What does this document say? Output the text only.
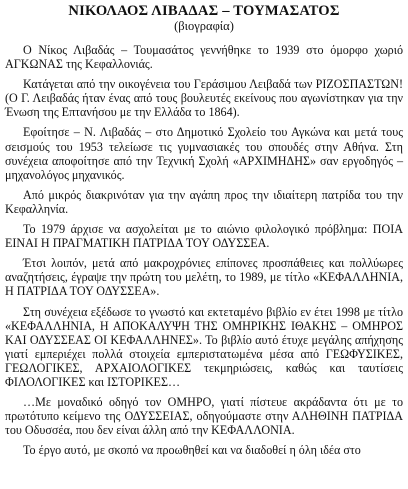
ΝΙΚΟΛΑΟΣ ΛΙΒΑΔΑΣ – ΤΟΥΜΑΣΑΤΟΣ

(βιογραφία)

Ο Νίκος Λιβαδάς – Τουμασάτος γεννήθηκε το 1939 στο όμορφο χωριό ΑΓΚΩΝΑΣ της Κεφαλλονιάς.

Κατάγεται από την οικογένεια του Γεράσιμου Λειβαδά των ΡΙΖΟΣΠΑΣΤΩΝ! (Ο Γ. Λειβαδάς ήταν ένας από τους βουλευτές εκείνους που αγωνίστηκαν για την Ένωση της Επτανήσου με την Ελλάδα το 1864).

Εφοίτησε – Ν. Λιβαδάς – στο Δημοτικό Σχολείο του Αγκώνα και μετά τους σεισμούς του 1953 τελείωσε τις γυμνασιακές του σπουδές στην Αθήνα. Στη συνέχεια αποφοίτησε από την Τεχνική Σχολή «ΑΡΧΙΜΗΔΗΣ» σαν εργοδηγός – μηχανολόγος μηχανικός.

Από μικρός διακρινόταν για την αγάπη προς την ιδιαίτερη πατρίδα του την Κεφαλληνία.

Το 1979 άρχισε να ασχολείται με το αιώνιο φιλολογικό πρόβλημα: ΠΟΙΑ ΕΙΝΑΙ Η ΠΡΑΓΜΑΤΙΚΗ ΠΑΤΡΙΔΑ ΤΟΥ ΟΔΥΣΣΕΑ.

Έτσι λοιπόν, μετά από μακροχρόνιες επίπονες προσπάθειες και πολλύωρες αναζητήσεις, έγραψε την πρώτη του μελέτη, το 1989, με τίτλο «ΚΕΦΑΛΛΗΝΙΑ, Η ΠΑΤΡΙΔΑ ΤΟΥ ΟΔΥΣΣΕΑ».

Στη συνέχεια εξέδωσε το γνωστό και εκτεταμένο βιβλίο εν έτει 1998 με τίτλο «ΚΕΦΑΛΛΗΝΙΑ, Η ΑΠΟΚΑΛΥΨΗ ΤΗΣ ΟΜΗΡΙΚΗΣ ΙΘΑΚΗΣ – ΟΜΗΡΟΣ ΚΑΙ ΟΔΥΣΣΕΑΣ ΟΙ ΚΕΦΑΛΛΗΝΕΣ». Το βιβλίο αυτό έτυχε μεγάλης απήχησης γιατί εμπεριέχει πολλά στοιχεία εμπεριστατωμένα μέσα από ΓΕΩΦΥΣΙΚΕΣ, ΓΕΩΛΟΓΙΚΕΣ, ΑΡΧΑΙΟΛΟΓΙΚΕΣ τεκμηριώσεις, καθώς και ταυτίσεις ΦΙΛΟΛΟΓΙΚΕΣ και ΙΣΤΟΡΙΚΕΣ…

…Με μοναδικό οδηγό τον ΟΜΗΡΟ, γιατί πίστευε ακράδαντα ότι με το πρωτότυπο κείμενο της ΟΔΥΣΣΕΙΑΣ, οδηγούμαστε στην ΑΛΗΘΙΝΗ ΠΑΤΡΙΔΑ του Οδυσσέα, που δεν είναι άλλη από την ΚΕΦΑΛΛΟΝΙΑ.

Το έργο αυτό, με σκοπό να προωθηθεί και να διαδοθεί η όλη ιδέα στο
